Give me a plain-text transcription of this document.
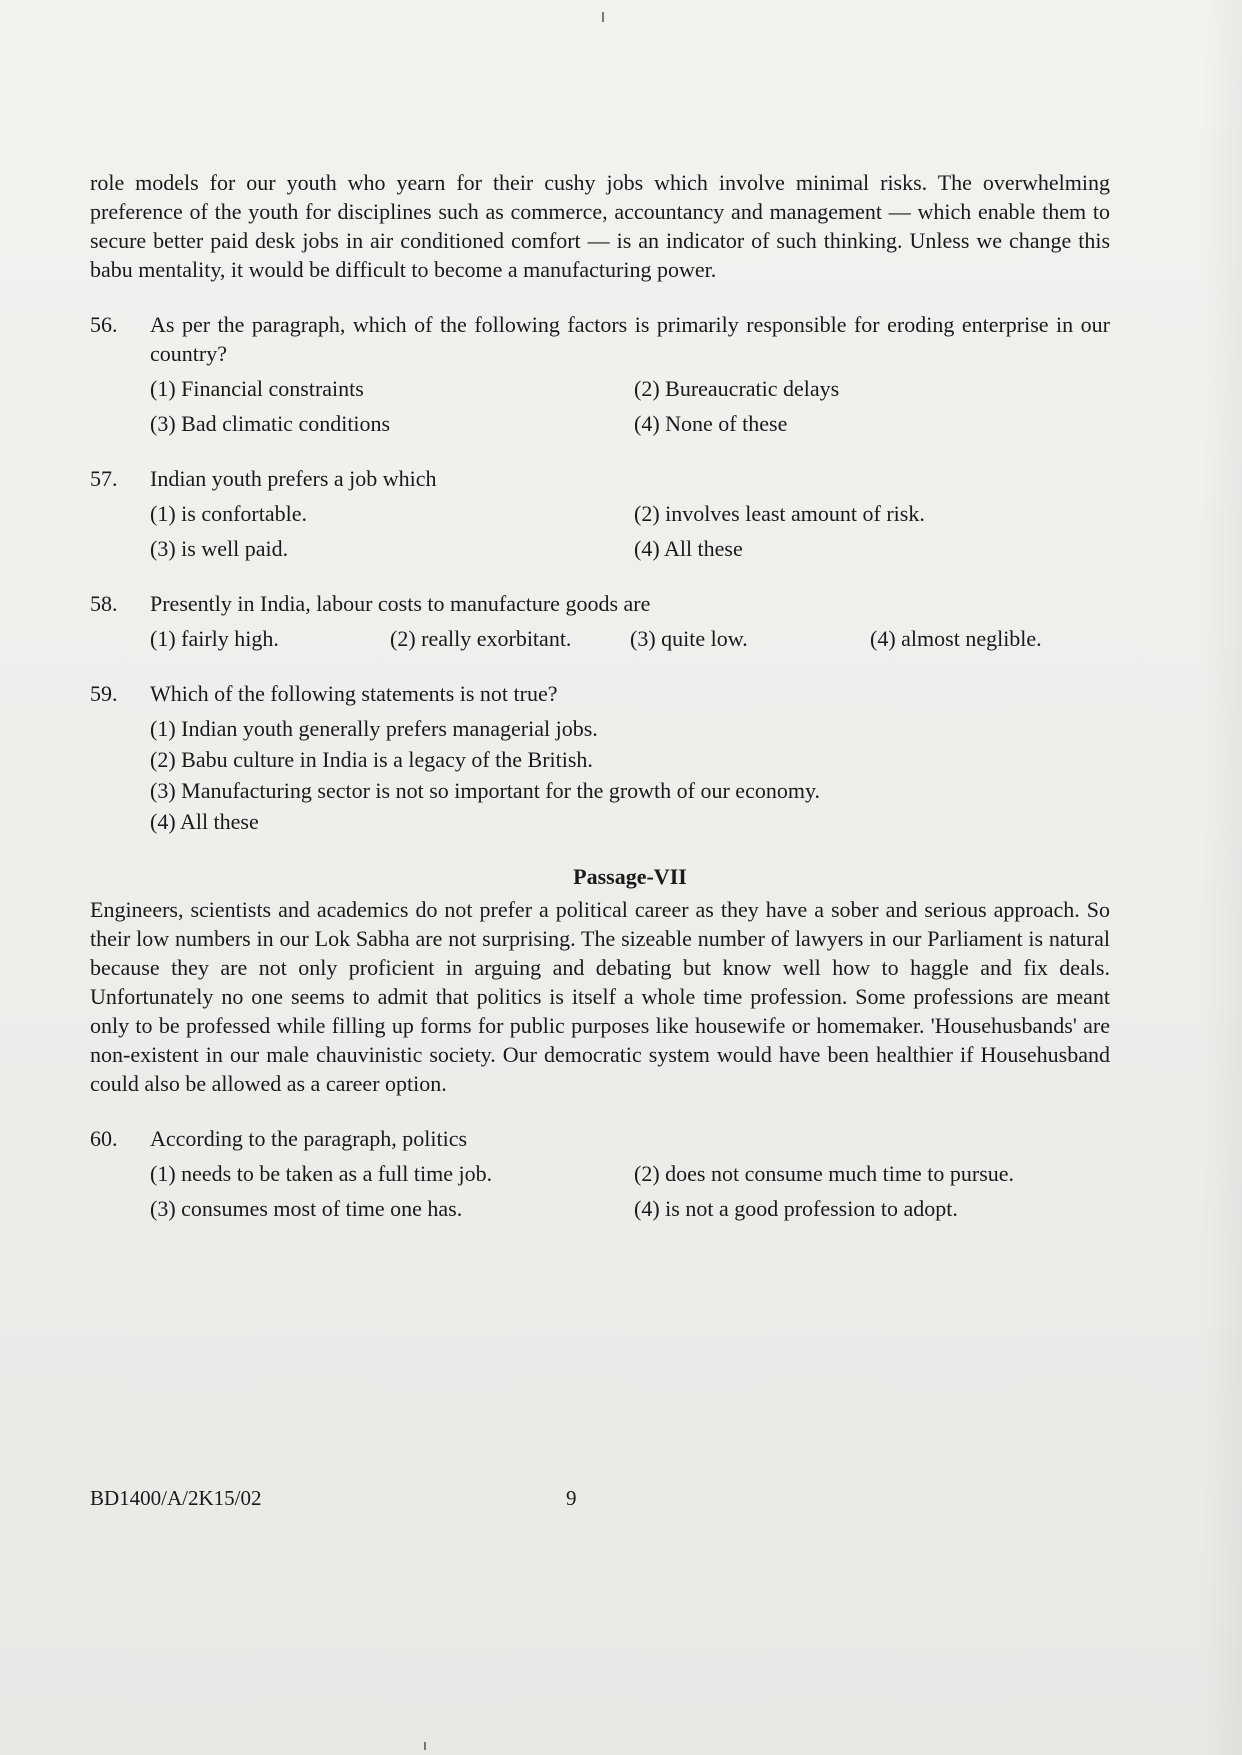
role models for our youth who yearn for their cushy jobs which involve minimal risks. The overwhelming preference of the youth for disciplines such as commerce, accountancy and management — which enable them to secure better paid desk jobs in air conditioned comfort — is an indicator of such thinking. Unless we change this babu mentality, it would be difficult to become a manufacturing power.

56.	As per the paragraph, which of the following factors is primarily responsible for eroding enterprise in our country?
(1) Financial constraints	(2) Bureaucratic delays
(3) Bad climatic conditions	(4) None of these
57.	Indian youth prefers a job which
(1) is confortable.	(2) involves least amount of risk.
(3) is well paid.	(4) All these
58.	Presently in India, labour costs to manufacture goods are
(1) fairly high.	(2) really exorbitant.	(3) quite low.	(4) almost neglible.
59.	Which of the following statements is not true?
(1) Indian youth generally prefers managerial jobs.
(2) Babu culture in India is a legacy of the British.
(3) Manufacturing sector is not so important for the growth of our economy.
(4) All these
Passage-VII

Engineers, scientists and academics do not prefer a political career as they have a sober and serious approach. So their low numbers in our Lok Sabha are not surprising. The sizeable number of lawyers in our Parliament is natural because they are not only proficient in arguing and debating but know well how to haggle and fix deals. Unfortunately no one seems to admit that politics is itself a whole time profession. Some professions are meant only to be professed while filling up forms for public purposes like housewife or homemaker. 'Househusbands' are non-existent in our male chauvinistic society. Our democratic system would have been healthier if Househusband could also be allowed as a career option.

60.	According to the paragraph, politics
(1) needs to be taken as a full time job.	(2) does not consume much time to pursue.
(3) consumes most of time one has.	(4) is not a good profession to adopt.
BD1400/A/2K15/02	9
